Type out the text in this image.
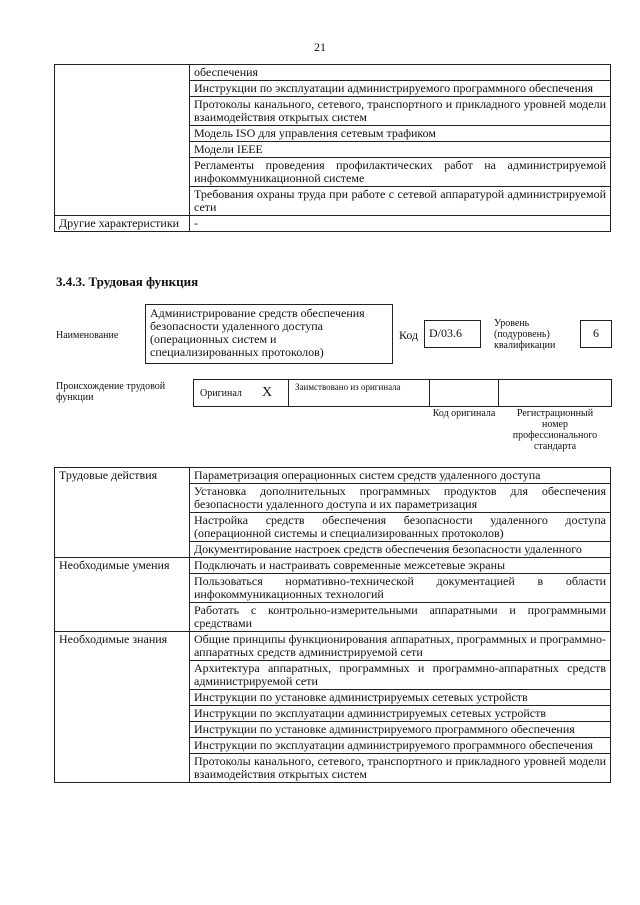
21
	обеспечения
	Инструкции по эксплуатации администрируемого программного обеспечения
	Протоколы канального, сетевого, транспортного и прикладного уровней модели взаимодействия открытых систем
	Модель ISO для управления сетевым трафиком
	Модели IEEE
	Регламенты проведения профилактических работ на администрируемой инфокоммуникационной системе
	Требования охраны труда при работе с сетевой аппаратурой администрируемой сети
Другие характеристики	-
3.4.3. Трудовая функция
Наименование
Администрирование средств обеспечения безопасности удаленного доступа (операционных систем и специализированных протоколов)
Код D/03.6
Уровень (подуровень) квалификации
6
Происхождение трудовой функции	Оригинал X	Заимствовано из оригинала
Код оригинала	Регистрационный номер профессионального стандарта
Трудовые действия	Параметризация операционных систем средств удаленного доступа
	Установка дополнительных программных продуктов для обеспечения безопасности удаленного доступа и их параметризация
	Настройка средств обеспечения безопасности удаленного доступа (операционной системы и специализированных протоколов)
	Документирование настроек средств обеспечения безопасности удаленного
Необходимые умения	Подключать и настраивать современные межсетевые экраны
	Пользоваться нормативно-технической документацией в области инфокоммуникационных технологий
	Работать с контрольно-измерительными аппаратными и программными средствами
Необходимые знания	Общие принципы функционирования аппаратных, программных и программно-аппаратных средств администрируемой сети
	Архитектура аппаратных, программных и программно-аппаратных средств администрируемой сети
	Инструкции по установке администрируемых сетевых устройств
	Инструкции по эксплуатации администрируемых сетевых устройств
	Инструкции по установке администрируемого программного обеспечения
	Инструкции по эксплуатации администрируемого программного обеспечения
	Протоколы канального, сетевого, транспортного и прикладного уровней модели взаимодействия открытых систем
